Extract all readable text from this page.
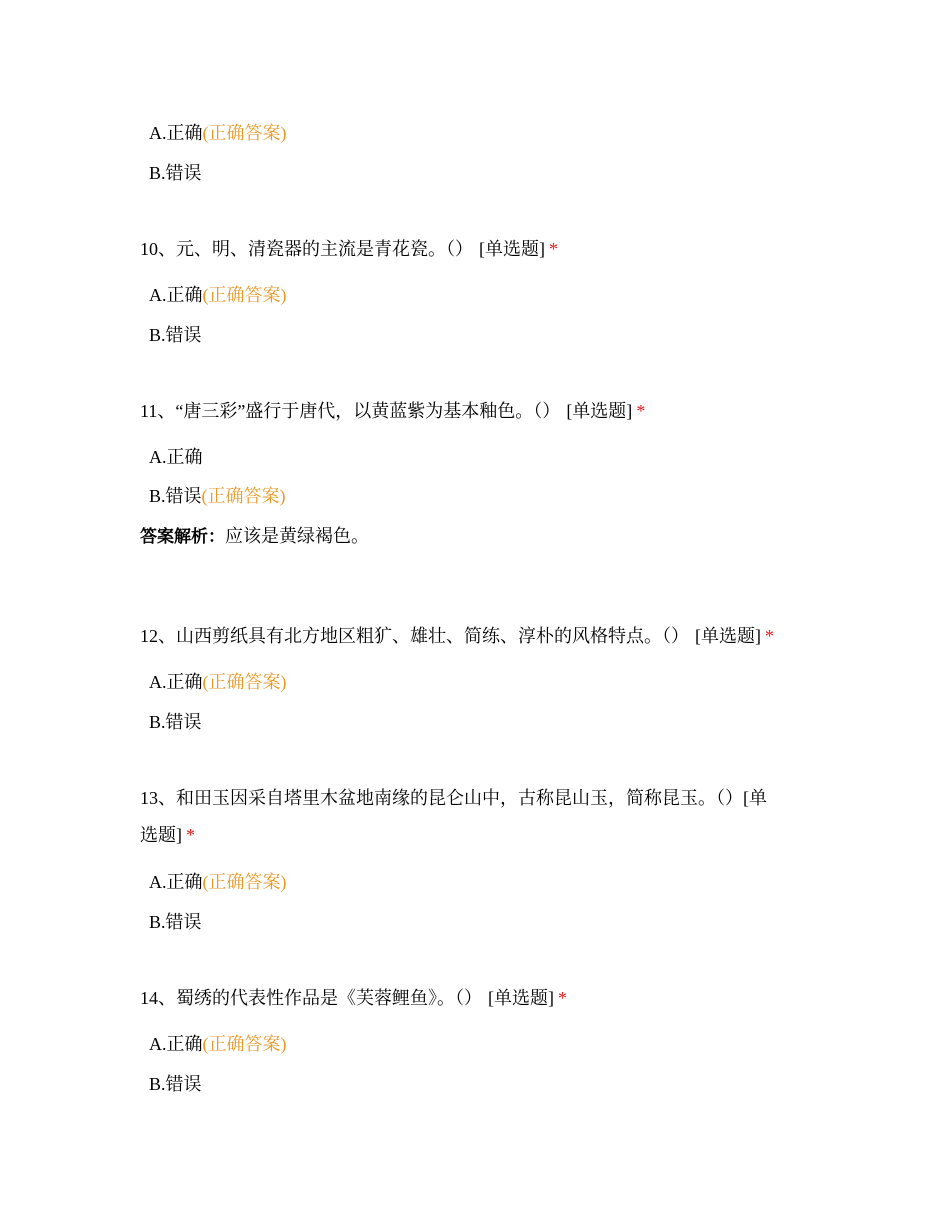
A.正确(正确答案)
B.错误
10、元、明、清瓷器的主流是青花瓷。（） [单选题] *
A.正确(正确答案)
B.错误
11、“唐三彩”盛行于唐代，以黄蓝紫为基本釉色。（） [单选题] *
A.正确
B.错误(正确答案)
答案解析：应该是黄绿褐色。
12、山西剪纸具有北方地区粗犷、雄壮、简练、淳朴的风格特点。（） [单选题] *
A.正确(正确答案)
B.错误
13、和田玉因采自塔里木盆地南缘的昆仑山中，古称昆山玉，简称昆玉。（）[单
选题] *
A.正确(正确答案)
B.错误
14、蜀绣的代表性作品是《芙蓉鲤鱼》。（） [单选题] *
A.正确(正确答案)
B.错误
